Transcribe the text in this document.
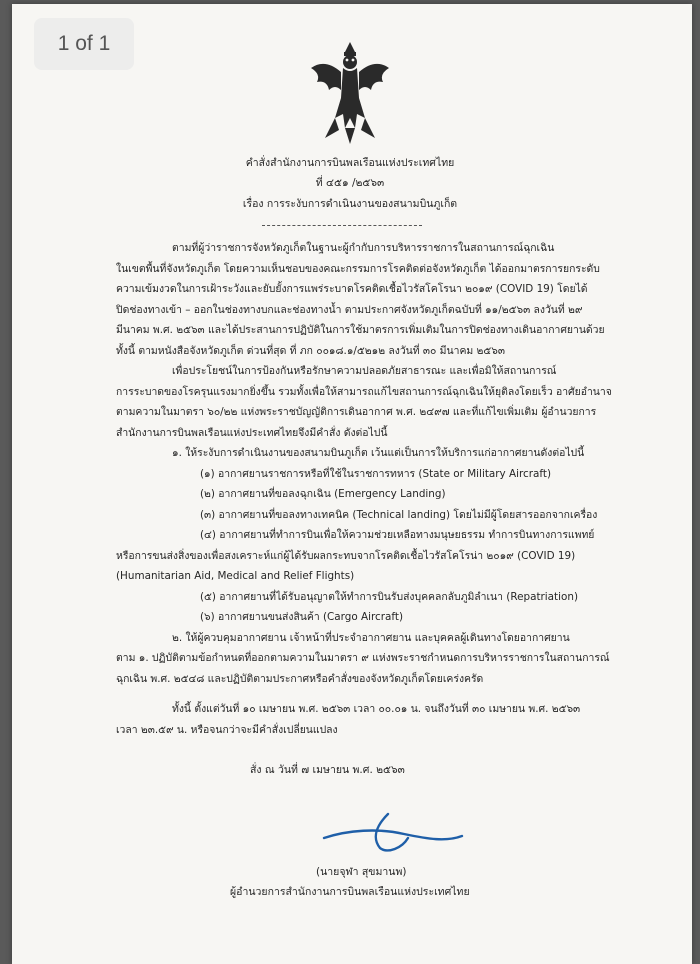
1 of 1
คำสั่งสำนักงานการบินพลเรือนแห่งประเทศไทย
ที่ ๔๕๑ /๒๕๖๓
เรื่อง การระงับการดำเนินงานของสนามบินภูเก็ต
ตามที่ผู้ว่าราชการจังหวัดภูเก็ตในฐานะผู้กำกับการบริหารราชการในสถานการณ์ฉุกเฉิน
ในเขตพื้นที่จังหวัดภูเก็ต โดยความเห็นชอบของคณะกรรมการโรคติดต่อจังหวัดภูเก็ต ได้ออกมาตรการยกระดับ
ความเข้มงวดในการเฝ้าระวังและยับยั้งการแพร่ระบาดโรคติดเชื้อไวรัสโคโรนา ๒๐๑๙ (COVID 19) โดยได้
ปิดช่องทางเข้า – ออกในช่องทางบกและช่องทางน้ำ ตามประกาศจังหวัดภูเก็ตฉบับที่ ๑๑/๒๕๖๓ ลงวันที่ ๒๙
มีนาคม พ.ศ. ๒๕๖๓ และได้ประสานการปฏิบัติในการใช้มาตรการเพิ่มเติมในการปิดช่องทางเดินอากาศยานด้วย
ทั้งนี้ ตามหนังสือจังหวัดภูเก็ต ด่วนที่สุด ที่ ภก ๐๐๑๘.๑/๕๒๑๒ ลงวันที่ ๓๐ มีนาคม ๒๕๖๓
เพื่อประโยชน์ในการป้องกันหรือรักษาความปลอดภัยสาธารณะ และเพื่อมิให้สถานการณ์
การระบาดของโรครุนแรงมากยิ่งขึ้น รวมทั้งเพื่อให้สามารถแก้ไขสถานการณ์ฉุกเฉินให้ยุติลงโดยเร็ว อาศัยอำนาจ
ตามความในมาตรา ๖๐/๒๒ แห่งพระราชบัญญัติการเดินอากาศ พ.ศ. ๒๔๙๗ และที่แก้ไขเพิ่มเติม ผู้อำนวยการ
สำนักงานการบินพลเรือนแห่งประเทศไทยจึงมีคำสั่ง ดังต่อไปนี้
๑. ให้ระงับการดำเนินงานของสนามบินภูเก็ต เว้นแต่เป็นการให้บริการแก่อากาศยานดังต่อไปนี้
(๑) อากาศยานราชการหรือที่ใช้ในราชการทหาร (State or Military Aircraft)
(๒) อากาศยานที่ขอลงฉุกเฉิน (Emergency Landing)
(๓) อากาศยานที่ขอลงทางเทคนิค (Technical landing) โดยไม่มีผู้โดยสารออกจากเครื่อง
(๔) อากาศยานที่ทำการบินเพื่อให้ความช่วยเหลือทางมนุษยธรรม ทำการบินทางการแพทย์
หรือการขนส่งสิ่งของเพื่อสงเคราะห์แก่ผู้ได้รับผลกระทบจากโรคติดเชื้อไวรัสโคโรน่า ๒๐๑๙ (COVID 19)
(Humanitarian Aid, Medical and Relief Flights)
(๕) อากาศยานที่ได้รับอนุญาตให้ทำการบินรับส่งบุคคลกลับภูมิลำเนา (Repatriation)
(๖) อากาศยานขนส่งสินค้า (Cargo Aircraft)
๒. ให้ผู้ควบคุมอากาศยาน เจ้าหน้าที่ประจำอากาศยาน และบุคคลผู้เดินทางโดยอากาศยาน
ตาม ๑. ปฏิบัติตามข้อกำหนดที่ออกตามความในมาตรา ๙ แห่งพระราชกำหนดการบริหารราชการในสถานการณ์
ฉุกเฉิน พ.ศ. ๒๕๔๘ และปฏิบัติตามประกาศหรือคำสั่งของจังหวัดภูเก็ตโดยเคร่งครัด
ทั้งนี้ ตั้งแต่วันที่ ๑๐ เมษายน พ.ศ. ๒๕๖๓ เวลา ๐๐.๐๑ น. จนถึงวันที่ ๓๐ เมษายน พ.ศ. ๒๕๖๓
เวลา ๒๓.๕๙ น. หรือจนกว่าจะมีคำสั่งเปลี่ยนแปลง
สั่ง ณ วันที่ ๗ เมษายน พ.ศ. ๒๕๖๓
(นายจุฬา สุขมานพ)
ผู้อำนวยการสำนักงานการบินพลเรือนแห่งประเทศไทย
